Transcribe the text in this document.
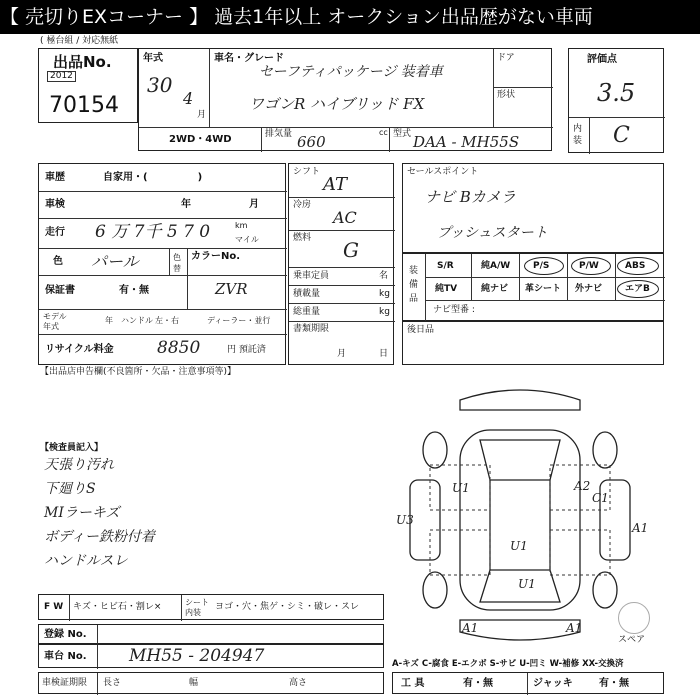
【 売切りEXコーナー 】 過去1年以上 オークション出品歴がない車両
( 極台組 / 対応無紙
出品No.
2012
70154
年式
30
4
月
車名・グレード
セーフティパッケージ 装着車
ワゴンR ハイブリッド FX
ドア
形状
2WD・4WD	排気量 660
cc 型式 DAA - MH55S
評価点
3.5
内装 C
車歴	自家用・(　　　　　)
車検	年	月
走行 6 万 7千 5 7 0	km
マイル
色 パール	色替
カラーNo.
ZVR
保証書	有・無
モデル 年式
年 ハンドル 左・右	ディーラー・並行
リサイクル料金	8850	円 預託済
シフト
AT
冷房
AC
燃料 G
乗車定員	名
積載量	kg
総重量	kg
書類期限
月	日
セールスポイント
ナビ Bカメラ
プッシュスタート
装備品
S/R	純A/W	P/S	P/W	ABS
純TV	純ナビ 革シート 外ナビ	エアB
ナビ型番 :
後日品
【出品店申告欄(不良箇所・欠品・注意事項等)】
【検査員記入】
天張り汚れ
下廻りS
MIラーキズ
ボディー鉄粉付着
ハンドルスレ
U1
U1
A2
C1
U3
A1
U1
A1	A1
スペア
F W キズ・ヒビ石・割レ×	シート 内装
ヨゴ・穴・焦ゲ・シミ・破レ・スレ
登録 No.
車台 No. MH55 - 204947
車検証期限 長さ	幅	高さ
A-キズ C-腐食 E-エクボ S-サビ U-凹ミ W-補修 XX-交換済
工 具	有・無	ジャッキ	有・無
